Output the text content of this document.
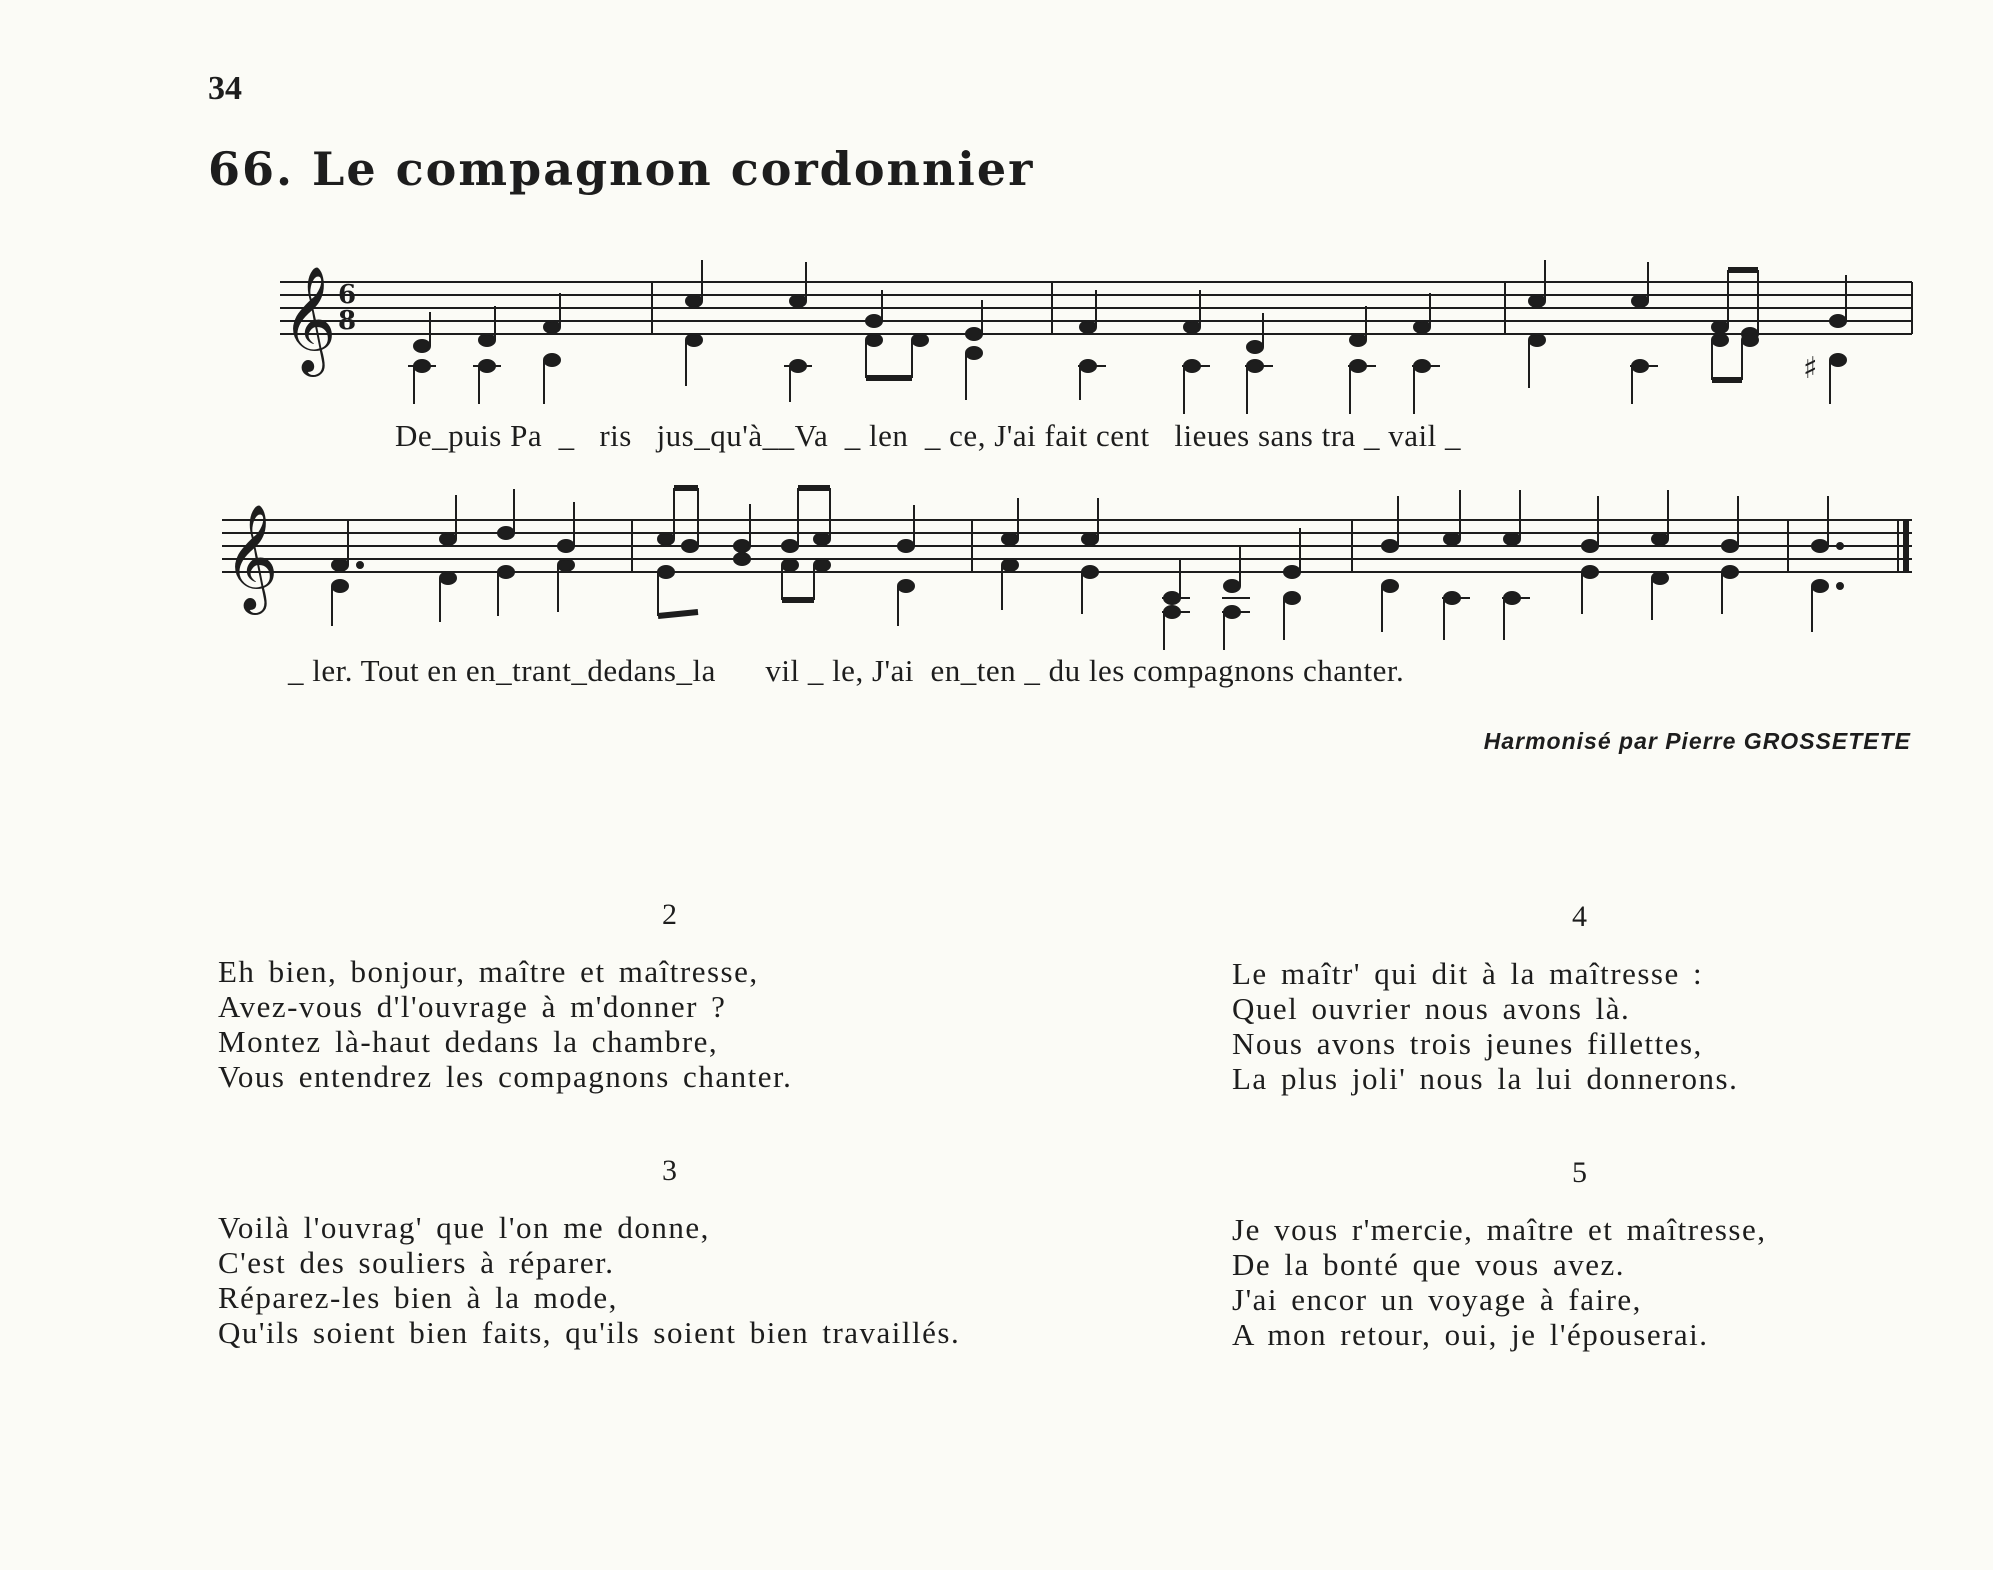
34
66. Le compagnon cordonnier
𝄞
𝄞
6
8
♯
De_puis Pa  _   ris   jus_qu'à__Va  _ len  _ ce, J'ai fait cent   lieues sans tra _ vail _
_ ler. Tout en en_trant_dedans_la      vil _ le, J'ai  en_ten _ du les compagnons chanter.
Harmonisé par Pierre GROSSETETE
2
Eh bien, bonjour, maître et maîtresse,
Avez-vous d'l'ouvrage à m'donner ?
Montez là-haut dedans la chambre,
Vous entendrez les compagnons chanter.
3
Voilà l'ouvrag' que l'on me donne,
C'est des souliers à réparer.
Réparez-les bien à la mode,
Qu'ils soient bien faits, qu'ils soient bien travaillés.
4
Le maîtr' qui dit à la maîtresse :
Quel ouvrier nous avons là.
Nous avons trois jeunes fillettes,
La plus joli' nous la lui donnerons.
5
Je vous r'mercie, maître et maîtresse,
De la bonté que vous avez.
J'ai encor un voyage à faire,
A mon retour, oui, je l'épouserai.
